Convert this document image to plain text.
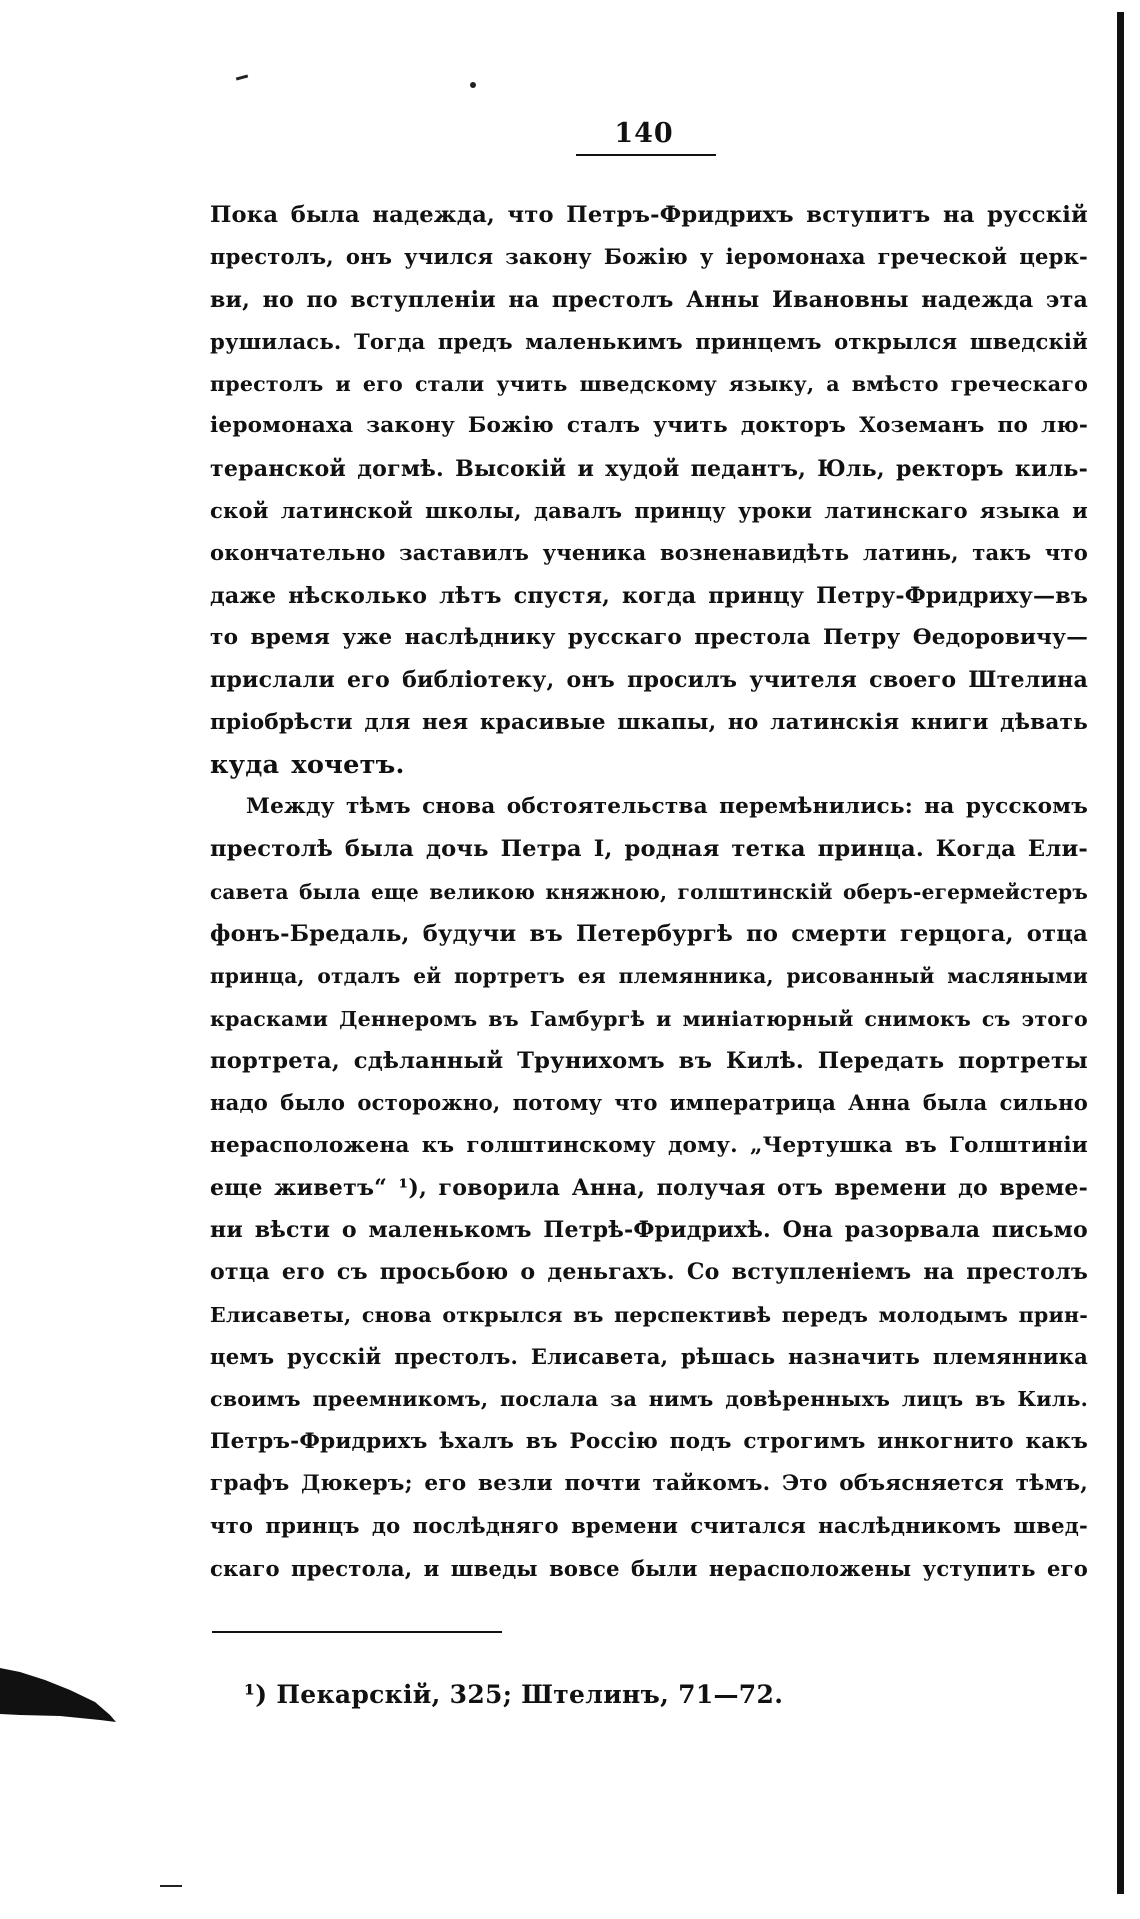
140
Пока была надежда, что Петръ-Фридрихъ вступитъ на русскій
престолъ, онъ учился закону Божію у іеромонаха греческой церк-
ви, но по вступленіи на престолъ Анны Ивановны надежда эта
рушилась. Тогда предъ маленькимъ принцемъ открылся шведскій
престолъ и его стали учить шведскому языку, а вмѣсто греческаго
іеромонаха закону Божію сталъ учить докторъ Хоземанъ по лю-
теранской догмѣ. Высокій и худой педантъ, Юль, ректоръ киль-
ской латинской школы, давалъ принцу уроки латинскаго языка и
окончательно заставилъ ученика возненавидѣть латинь, такъ что
даже нѣсколько лѣтъ спустя, когда принцу Петру-Фридриху—въ
то время уже наслѣднику русскаго престола Петру Ѳедоровичу—
прислали его библіотеку, онъ просилъ учителя своего Штелина
пріобрѣсти для нея красивые шкапы, но латинскія книги дѣвать
куда хочетъ.
Между тѣмъ снова обстоятельства перемѣнились: на русскомъ
престолѣ была дочь Петра I, родная тетка принца. Когда Ели-
савета была еще великою княжною, голштинскій оберъ-егермейстеръ
фонъ-Бредаль, будучи въ Петербургѣ по смерти герцога, отца
принца, отдалъ ей портретъ ея племянника, рисованный масляными
красками Деннеромъ въ Гамбургѣ и миніатюрный снимокъ съ этого
портрета, сдѣланный Трунихомъ въ Килѣ. Передать портреты
надо было осторожно, потому что императрица Анна была сильно
нерасположена къ голштинскому дому. „Чертушка въ Голштиніи
еще живетъ“ ¹), говорила Анна, получая отъ времени до време-
ни вѣсти о маленькомъ Петрѣ-Фридрихѣ. Она разорвала письмо
отца его съ просьбою о деньгахъ. Со вступленіемъ на престолъ
Елисаветы, снова открылся въ перспективѣ передъ молодымъ прин-
цемъ русскій престолъ. Елисавета, рѣшась назначить племянника
своимъ преемникомъ, послала за нимъ довѣренныхъ лицъ въ Киль.
Петръ-Фридрихъ ѣхалъ въ Россію подъ строгимъ инкогнито какъ
графъ Дюкеръ; его везли почти тайкомъ. Это объясняется тѣмъ,
что принцъ до послѣдняго времени считался наслѣдникомъ швед-
скаго престола, и шведы вовсе были нерасположены уступить его
¹) Пекарскій, 325; Штелинъ, 71—72.
